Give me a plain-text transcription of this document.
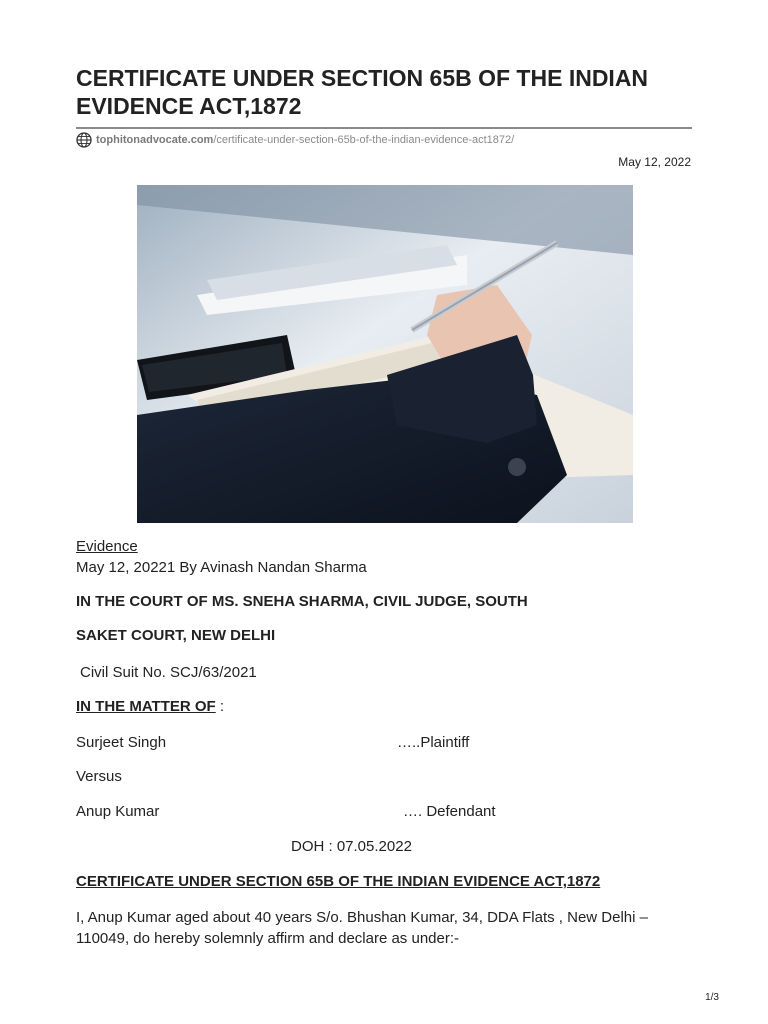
CERTIFICATE UNDER SECTION 65B OF THE INDIAN EVIDENCE ACT,1872
tophitonadvocate.com /certificate-under-section-65b-of-the-indian-evidence-act1872/
May 12, 2022
Evidence
May 12, 20221 By Avinash Nandan Sharma
IN THE COURT OF MS. SNEHA SHARMA, CIVIL JUDGE, SOUTH
SAKET COURT, NEW DELHI
Civil Suit No. SCJ/63/2021
IN THE MATTER OF :
Surjeet Singh	…..Plaintiff
Versus
Anup Kumar	…. Defendant
DOH : 07.05.2022
CERTIFICATE UNDER SECTION 65B OF THE INDIAN EVIDENCE ACT,1872

I, Anup Kumar aged about 40 years S/o. Bhushan Kumar, 34, DDA Flats , New Delhi – 110049, do hereby solemnly affirm and declare as under:-

1/3
